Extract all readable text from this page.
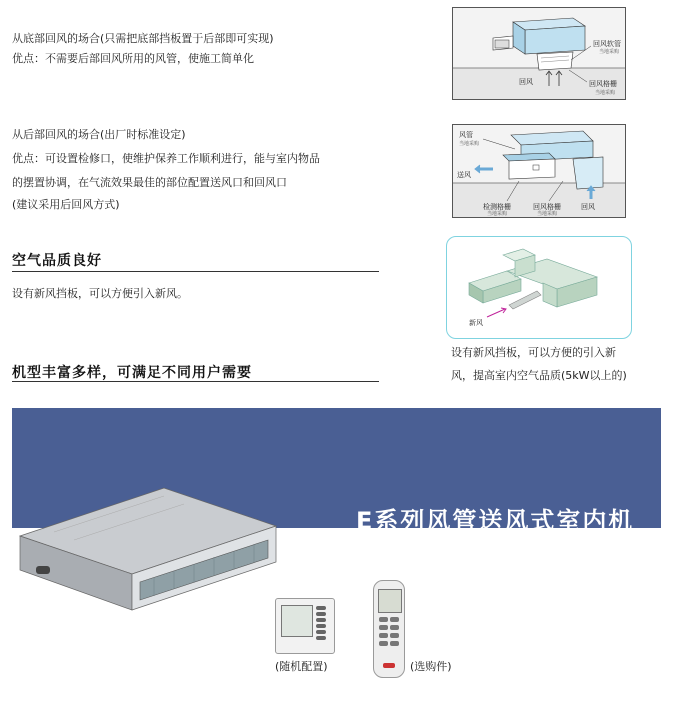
从底部回风的场合(只需把底部挡板置于后部即可实现)
优点：不需要后部回风所用的风管，使施工简单化
回风软管
当地采购
回风	回风格栅
当地采购
从后部回风的场合(出厂时标准设定)
优点：可设置检修口，使维护保养工作顺利进行，能与室内物品
的摆置协调，在气流效果最佳的部位配置送风口和回风口
(建议采用后回风方式)
风管
当地采购
送风
检测格栅
当地采购
回风格栅
当地采购
回风
空气品质良好
设有新风挡板，可以方便引入新风。
新风
设有新风挡板，可以方便的引入新
风，提高室内空气品质(5kW以上的)
机型丰富多样，可满足不同用户需要
E系列风管送风式室内机
(随机配置)	(选购件)
